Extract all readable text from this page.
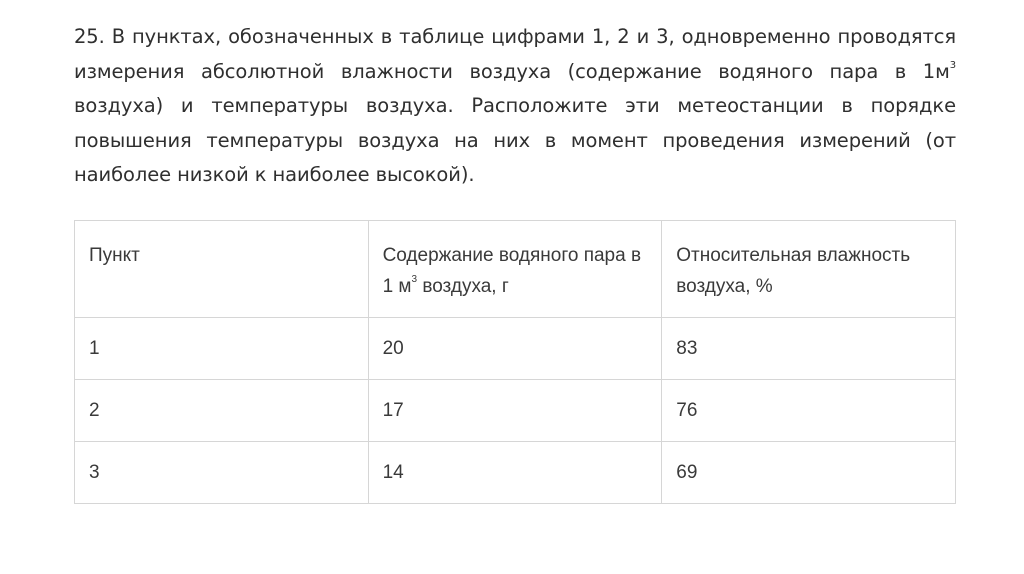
25. В пунктах, обозначенных в таблице цифрами 1, 2 и 3, одновременно проводятся измерения абсолютной влажности воздуха (содержание водяного пара в $1м^3$ воздуха) и температуры воздуха. Расположите эти метеостанции в порядке повышения температуры воздуха на них в момент проведения измерений (от наиболее низкой к наиболее высокой).
Пункт	Содержание водяного пара в 1 $м^3$ воздуха, г	Относительная влажность воздуха, %
1	20	83
2	17	76
3	14	69
